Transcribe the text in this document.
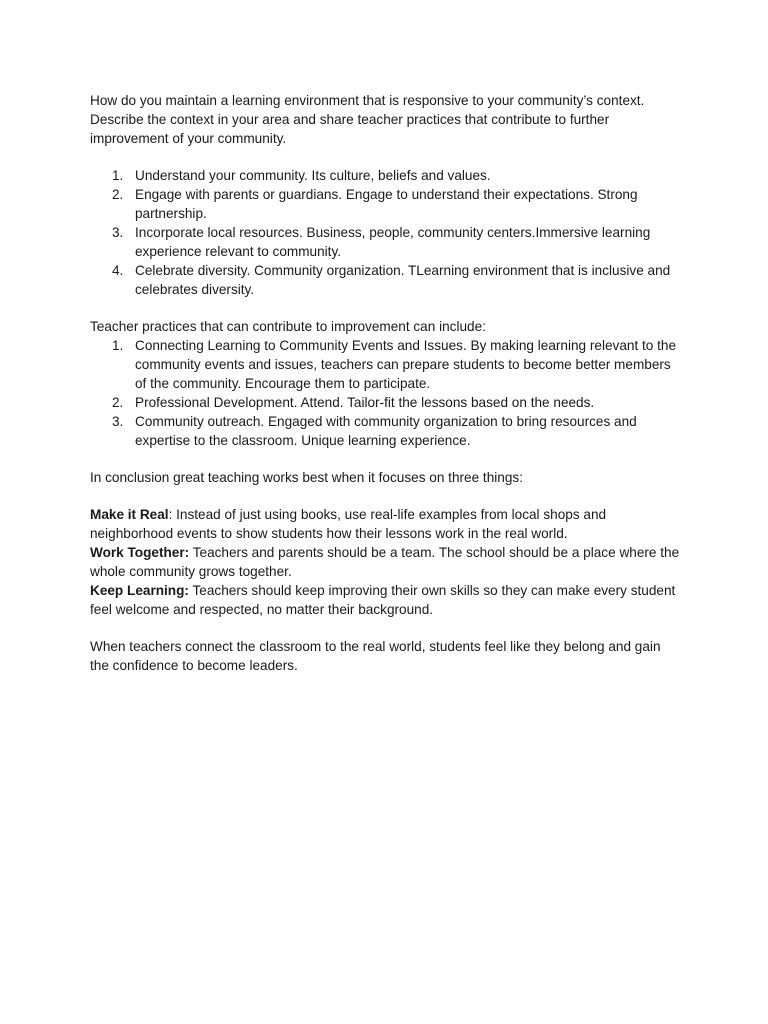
How do you maintain a learning environment that is responsive to your community’s context. Describe the context in your area and share teacher practices that contribute to further improvement of your community.

1. Understand your community. Its culture, beliefs and values.
2. Engage with parents or guardians. Engage to understand their expectations. Strong partnership.
3. Incorporate local resources. Business, people, community centers.Immersive learning experience relevant to community.
4. Celebrate diversity. Community organization. TLearning environment that is inclusive and celebrates diversity.

Teacher practices that can contribute to improvement can include:

1. Connecting Learning to Community Events and Issues. By making learning relevant to the community events and issues, teachers can prepare students to become better members of the community. Encourage them to participate.
2. Professional Development. Attend. Tailor-fit the lessons based on the needs.
3. Community outreach. Engaged with community organization to bring resources and expertise to the classroom. Unique learning experience.

In conclusion great teaching works best when it focuses on three things:

Make it Real: Instead of just using books, use real-life examples from local shops and neighborhood events to show students how their lessons work in the real world.

Work Together: Teachers and parents should be a team. The school should be a place where the whole community grows together.

Keep Learning: Teachers should keep improving their own skills so they can make every student feel welcome and respected, no matter their background.

When teachers connect the classroom to the real world, students feel like they belong and gain the confidence to become leaders.
